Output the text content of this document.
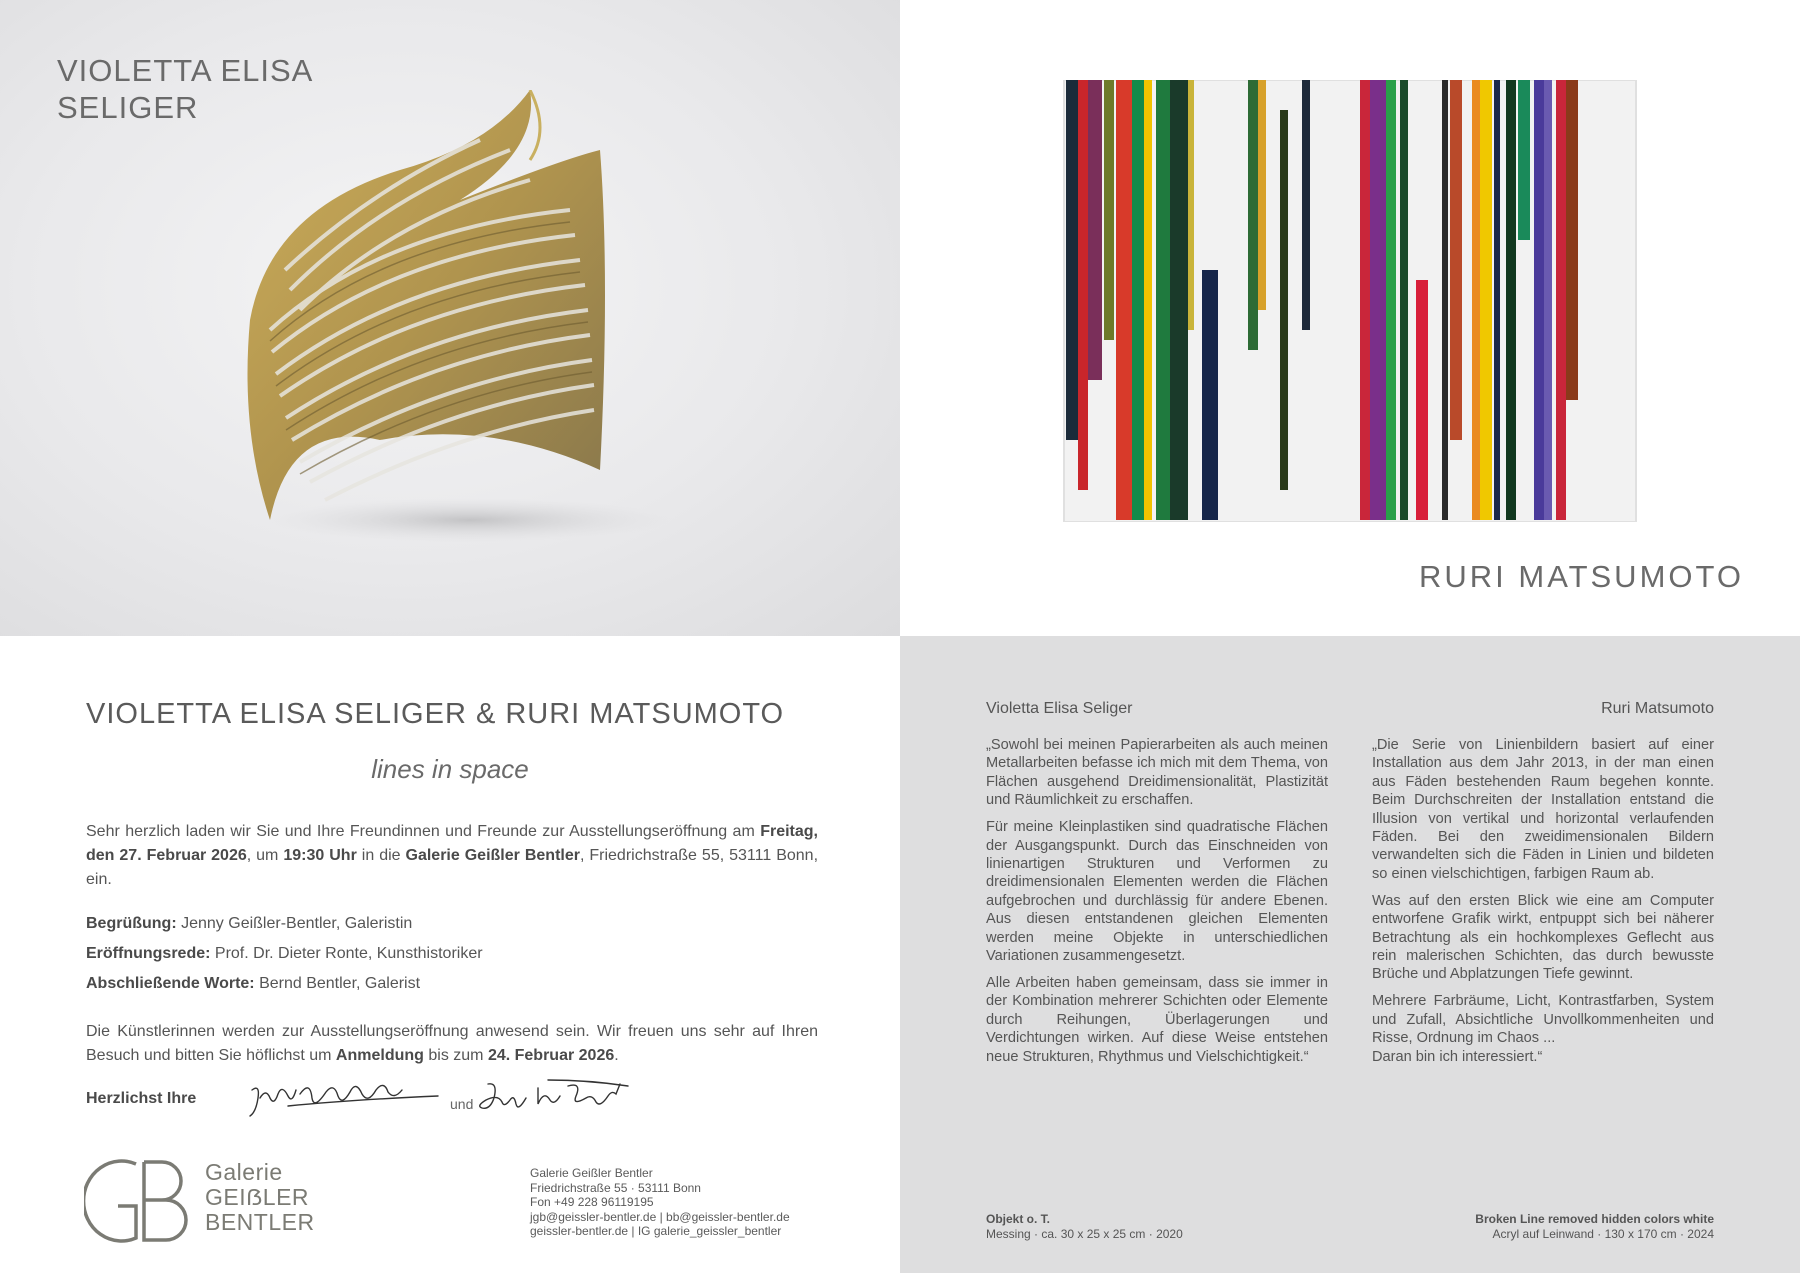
VIOLETTA ELISA
SELIGER
RURI MATSUMOTO
VIOLETTA ELISA SELIGER & RURI MATSUMOTO
lines in space
Sehr herzlich laden wir Sie und Ihre Freundinnen und Freunde zur Ausstellungseröffnung am Freitag, den 27. Februar 2026, um 19:30 Uhr in die Galerie Geißler Bentler, Friedrichstraße 55, 53111 Bonn, ein.
Begrüßung: Jenny Geißler-Bentler, Galeristin
Eröffnungsrede: Prof. Dr. Dieter Ronte, Kunsthistoriker
Abschließende Worte: Bernd Bentler, Galerist
Die Künstlerinnen werden zur Ausstellungseröffnung anwesend sein. Wir freuen uns sehr auf Ihren Besuch und bitten Sie höflichst um Anmeldung bis zum 24. Februar 2026.
Herzlichst Ihre	und
Galerie
GEIẞLER
BENTLER
Galerie Geißler Bentler
Friedrichstraße 55 · 53111 Bonn
Fon +49 228 96119195
jgb@geissler-bentler.de | bb@geissler-bentler.de
geissler-bentler.de | IG galerie_geissler_bentler
Violetta Elisa Seliger	Ruri Matsumoto

„Sowohl bei meinen Papierarbeiten als auch meinen Metallarbeiten befasse ich mich mit dem Thema, von Flächen ausgehend Dreidimensionalität, Plastizität und Räumlichkeit zu erschaffen.

Für meine Kleinplastiken sind quadratische Flächen der Ausgangspunkt. Durch das Einschneiden von linienartigen Strukturen und Verformen zu dreidimensionalen Elementen werden die Flächen aufgebrochen und durchlässig für andere Ebenen. Aus diesen entstandenen gleichen Elementen werden meine Objekte in unterschiedlichen Variationen zusammengesetzt.

Alle Arbeiten haben gemeinsam, dass sie immer in der Kombination mehrerer Schichten oder Elemente durch Reihungen, Überlagerungen und Verdichtungen wirken. Auf diese Weise entstehen neue Strukturen, Rhythmus und Vielschichtigkeit.“

„Die Serie von Linienbildern basiert auf einer Installation aus dem Jahr 2013, in der man einen aus Fäden bestehenden Raum begehen konnte. Beim Durchschreiten der Installation entstand die Illusion von vertikal und horizontal verlaufenden Fäden. Bei den zweidimensionalen Bildern verwandelten sich die Fäden in Linien und bildeten so einen vielschichtigen, farbigen Raum ab.

Was auf den ersten Blick wie eine am Computer entworfene Grafik wirkt, entpuppt sich bei näherer Betrachtung als ein hochkomplexes Geflecht aus rein malerischen Schichten, das durch bewusste Brüche und Abplatzungen Tiefe gewinnt.

Mehrere Farbräume, Licht, Kontrastfarben, System und Zufall, Absichtliche Unvollkommenheiten und Risse, Ordnung im Chaos ...

Daran bin ich interessiert.“

Objekt o. T.
Messing · ca. 30 x 25 x 25 cm · 2020
Broken Line removed hidden colors white
Acryl auf Leinwand · 130 x 170 cm · 2024
